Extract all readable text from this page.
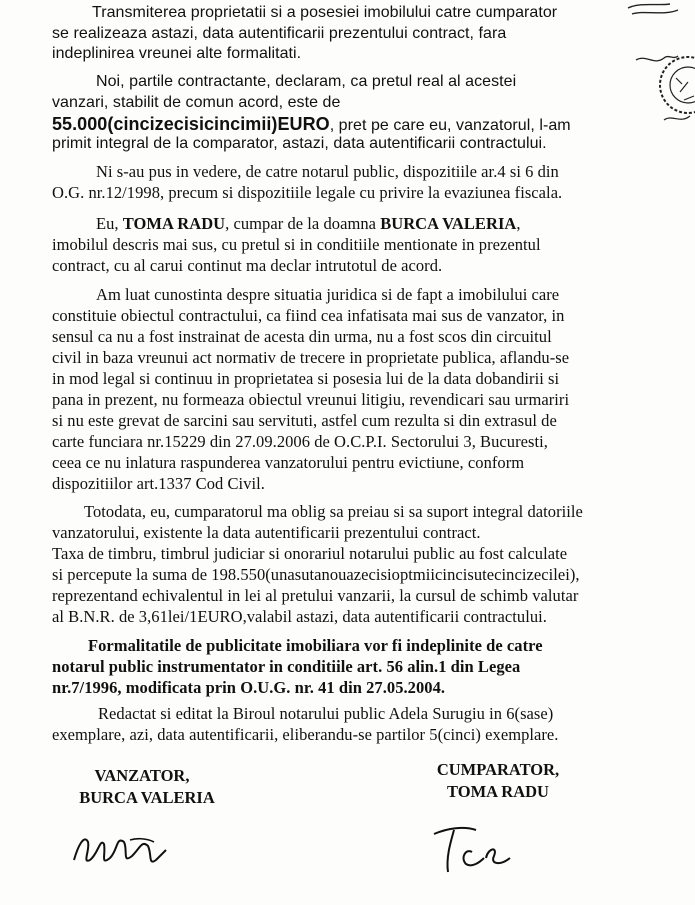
Transmiterea proprietatii si a posesiei imobilului catre cumparator
se realizeaza astazi, data autentificarii prezentului contract, fara
indeplinirea vreunei alte formalitati.
Noi, partile contractante, declaram, ca pretul real al acestei
vanzari, stabilit de comun acord, este de
55.000(cincizecisicincimii)EURO, pret pe care eu, vanzatorul, l-am
primit integral de la comparator, astazi, data autentificarii contractului.
Ni s-au pus in vedere, de catre notarul public, dispozitiile ar.4 si 6 din
O.G. nr.12/1998, precum si dispozitiile legale cu privire la evaziunea fiscala.
Eu, TOMA RADU, cumpar de la doamna BURCA VALERIA,
imobilul descris mai sus, cu pretul si in conditiile mentionate in prezentul
contract, cu al carui continut ma declar intrutotul de acord.
Am luat cunostinta despre situatia juridica si de fapt a imobilului care
constituie obiectul contractului, ca fiind cea infatisata mai sus de vanzator, in
sensul ca nu a fost instrainat de acesta din urma, nu a fost scos din circuitul
civil in baza vreunui act normativ de trecere in proprietate publica, aflandu-se
in mod legal si continuu in proprietatea si posesia lui de la data dobandirii si
pana in prezent, nu formeaza obiectul vreunui litigiu, revendicari sau urmariri
si nu este grevat de sarcini sau servituti, astfel cum rezulta si din extrasul de
carte funciara nr.15229 din 27.09.2006 de O.C.P.I. Sectorului 3, Bucuresti,
ceea ce nu inlatura raspunderea vanzatorului pentru evictiune, conform
dispozitiilor art.1337 Cod Civil.
Totodata, eu, cumparatorul ma oblig sa preiau si sa suport integral datoriile
vanzatorului, existente la data autentificarii prezentului contract.
Taxa de timbru, timbrul judiciar si onorariul notarului public au fost calculate
si percepute la suma de 198.550(unasutanouazecisioptmiicincisutecincizecilei),
reprezentand echivalentul in lei al pretului vanzarii, la cursul de schimb valutar
al B.N.R. de 3,61lei/1EURO,valabil astazi, data autentificarii contractului.
Formalitatile de publicitate imobiliara vor fi indeplinite de catre
notarul public instrumentator in conditiile art. 56 alin.1 din Legea
nr.7/1996, modificata prin O.U.G. nr. 41 din 27.05.2004.
Redactat si editat la Biroul notarului public Adela Surugiu in 6(sase)
exemplare, azi, data autentificarii, eliberandu-se partilor 5(cinci) exemplare.
VANZATOR,
BURCA VALERIA
CUMPARATOR,
TOMA RADU
